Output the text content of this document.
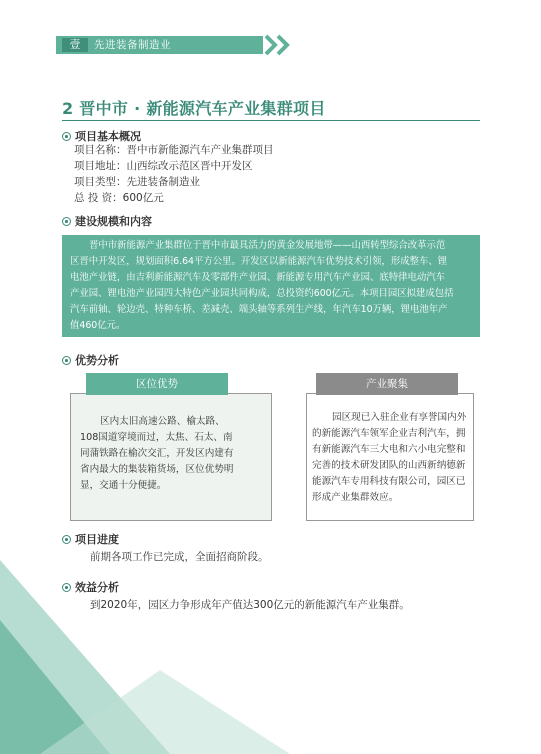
壹	先进装备制造业
2 晋中市 · 新能源汽车产业集群项目
项目基本概况
项目名称：晋中市新能源汽车产业集群项目
项目地址：山西综改示范区晋中开发区
项目类型：先进装备制造业
总 投 资：600亿元
建设规模和内容
晋中市新能源产业集群位于晋中市最具活力的黄金发展地带——山西转型综合改革示范
区晋中开发区，规划面积6.64平方公里。开发区以新能源汽车优势技术引领，形成整车、锂
电池产业链，由吉利新能源汽车及零部件产业园、新能源专用汽车产业园、底特律电动汽车
产业园、锂电池产业园四大特色产业园共同构成，总投资约600亿元。本项目园区拟建成包括
汽车前轴、轮边壳、特种车桥、差减壳、端头轴等系列生产线，年汽车10万辆，锂电池年产
值460亿元。
优势分析
区位优势
区内太旧高速公路、榆太路、
108国道穿境而过，太焦、石太、南
同蒲铁路在榆次交汇，开发区内建有
省内最大的集装箱货场，区位优势明
显，交通十分便捷。
产业聚集
园区现已入驻企业有享誉国内外
的新能源汽车领军企业吉利汽车，拥
有新能源汽车三大电和六小电完整和
完善的技术研发团队的山西新纳德新
能源汽车专用科技有限公司，园区已
形成产业集群效应。
项目进度
前期各项工作已完成，全面招商阶段。
效益分析
到2020年，园区力争形成年产值达300亿元的新能源汽车产业集群。
